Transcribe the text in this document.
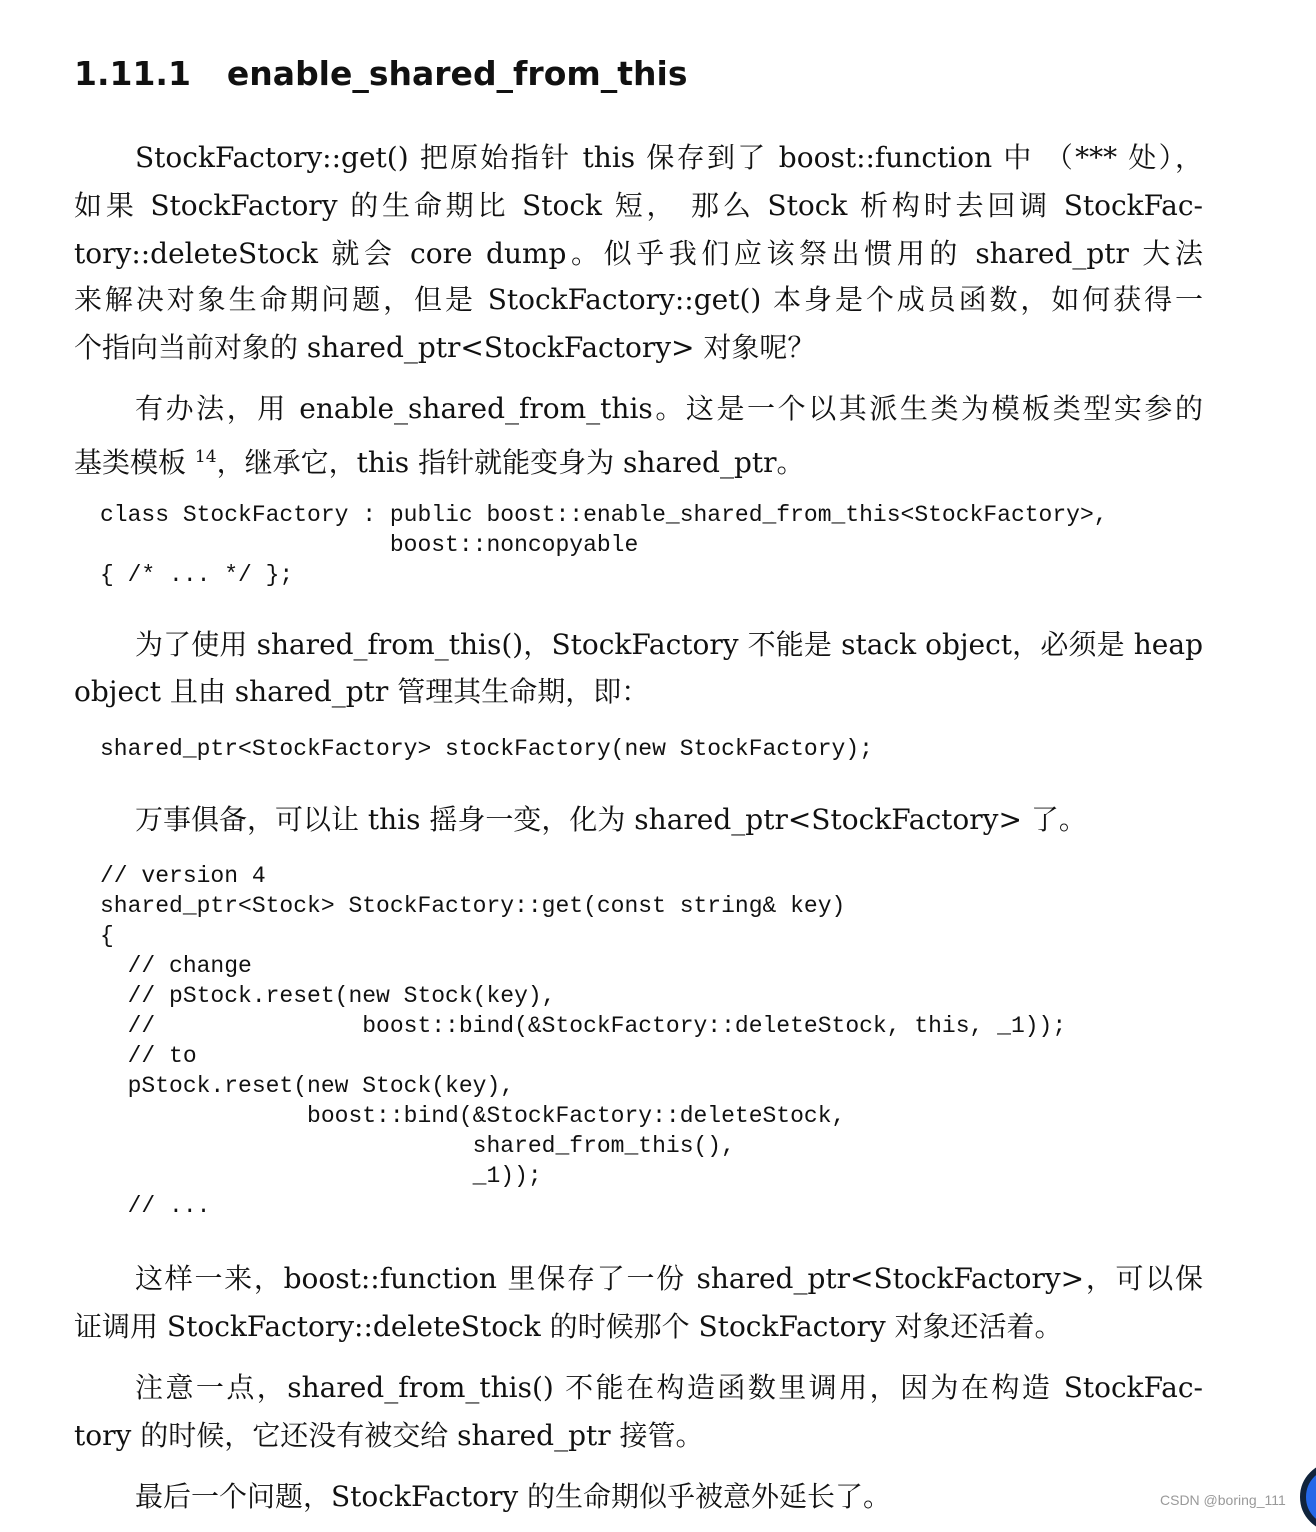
1.11.1 enable_shared_from_this
StockFactory::get() 把原始指针 this 保存到了 boost::function 中 （*** 处），
如果 StockFactory 的生命期比 Stock 短， 那么 Stock 析构时去回调 StockFac-
tory::deleteStock 就会 core dump。似乎我们应该祭出惯用的 shared_ptr 大法
来解决对象生命期问题，但是 StockFactory::get() 本身是个成员函数，如何获得一
个指向当前对象的 shared_ptr<StockFactory> 对象呢？
有办法，用 enable_shared_from_this。这是一个以其派生类为模板类型实参的
基类模板 $^{14}$，继承它，this 指针就能变身为 shared_ptr。
class StockFactory : public boost::enable_shared_from_this<StockFactory>,
boost::noncopyable
{ /* ... */ };
为了使用 shared_from_this()，StockFactory 不能是 stack object，必须是 heap
object 且由 shared_ptr 管理其生命期，即：
shared_ptr<StockFactory> stockFactory(new StockFactory);
万事俱备，可以让 this 摇身一变，化为 shared_ptr<StockFactory> 了。
// version 4
shared_ptr<Stock> StockFactory::get(const string& key)
{
// change
// pStock.reset(new Stock(key),
//               boost::bind(&StockFactory::deleteStock, this, _1));
// to
pStock.reset(new Stock(key),
boost::bind(&StockFactory::deleteStock,
shared_from_this(),
_1));
// ...
这样一来，boost::function 里保存了一份 shared_ptr<StockFactory>，可以保
证调用 StockFactory::deleteStock 的时候那个 StockFactory 对象还活着。
注意一点，shared_from_this() 不能在构造函数里调用，因为在构造 StockFac-
tory 的时候，它还没有被交给 shared_ptr 接管。
最后一个问题，StockFactory 的生命期似乎被意外延长了。	CSDN @boring_111
